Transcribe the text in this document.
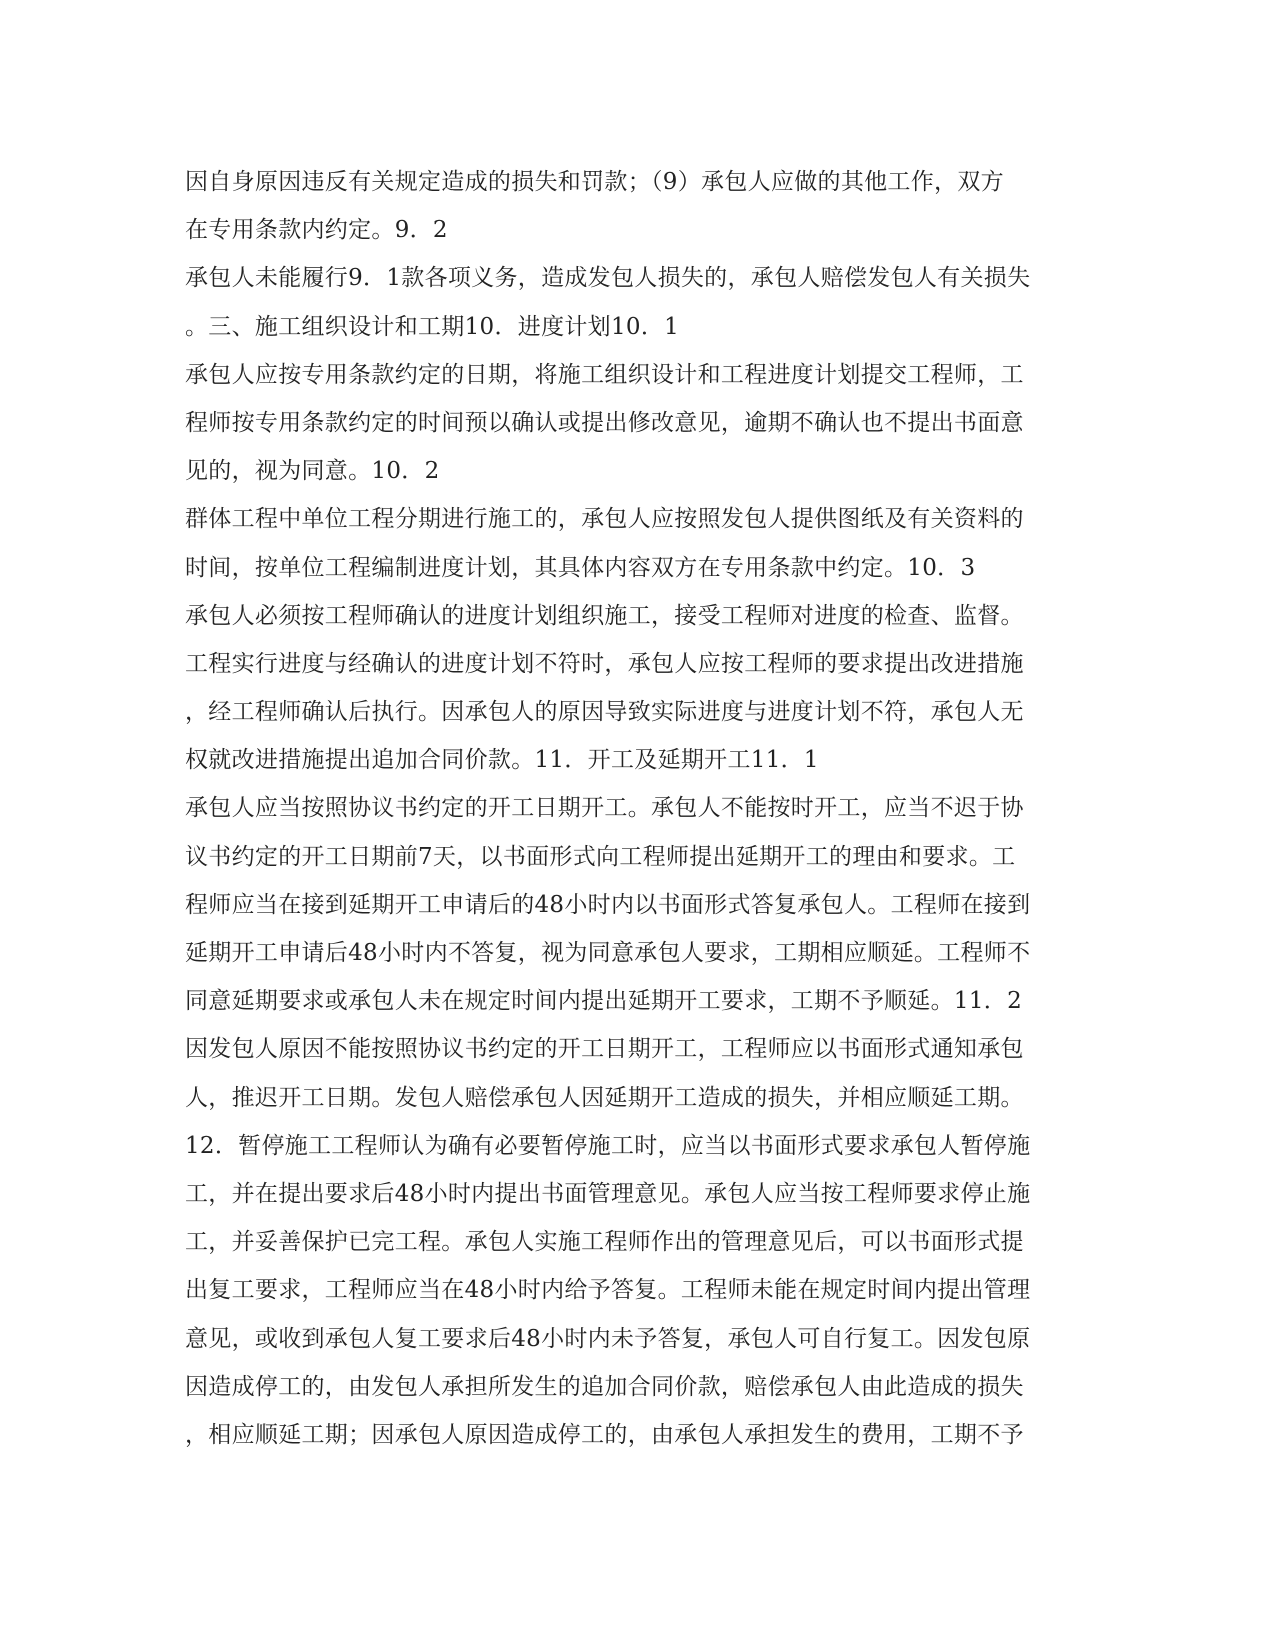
因自身原因违反有关规定造成的损失和罚款；（9）承包人应做的其他工作，双方
在专用条款内约定。9．2
承包人未能履行9．1款各项义务，造成发包人损失的，承包人赔偿发包人有关损失
。三、施工组织设计和工期10．进度计划10．1
承包人应按专用条款约定的日期，将施工组织设计和工程进度计划提交工程师，工
程师按专用条款约定的时间预以确认或提出修改意见，逾期不确认也不提出书面意
见的，视为同意。10．2
群体工程中单位工程分期进行施工的，承包人应按照发包人提供图纸及有关资料的
时间，按单位工程编制进度计划，其具体内容双方在专用条款中约定。10．3
承包人必须按工程师确认的进度计划组织施工，接受工程师对进度的检查、监督。
工程实行进度与经确认的进度计划不符时，承包人应按工程师的要求提出改进措施
，经工程师确认后执行。因承包人的原因导致实际进度与进度计划不符，承包人无
权就改进措施提出追加合同价款。11．开工及延期开工11．1
承包人应当按照协议书约定的开工日期开工。承包人不能按时开工，应当不迟于协
议书约定的开工日期前7天，以书面形式向工程师提出延期开工的理由和要求。工
程师应当在接到延期开工申请后的48小时内以书面形式答复承包人。工程师在接到
延期开工申请后48小时内不答复，视为同意承包人要求，工期相应顺延。工程师不
同意延期要求或承包人未在规定时间内提出延期开工要求，工期不予顺延。11．2
因发包人原因不能按照协议书约定的开工日期开工，工程师应以书面形式通知承包
人，推迟开工日期。发包人赔偿承包人因延期开工造成的损失，并相应顺延工期。
12．暂停施工工程师认为确有必要暂停施工时，应当以书面形式要求承包人暂停施
工，并在提出要求后48小时内提出书面管理意见。承包人应当按工程师要求停止施
工，并妥善保护已完工程。承包人实施工程师作出的管理意见后，可以书面形式提
出复工要求，工程师应当在48小时内给予答复。工程师未能在规定时间内提出管理
意见，或收到承包人复工要求后48小时内未予答复，承包人可自行复工。因发包原
因造成停工的，由发包人承担所发生的追加合同价款，赔偿承包人由此造成的损失
，相应顺延工期；因承包人原因造成停工的，由承包人承担发生的费用，工期不予
